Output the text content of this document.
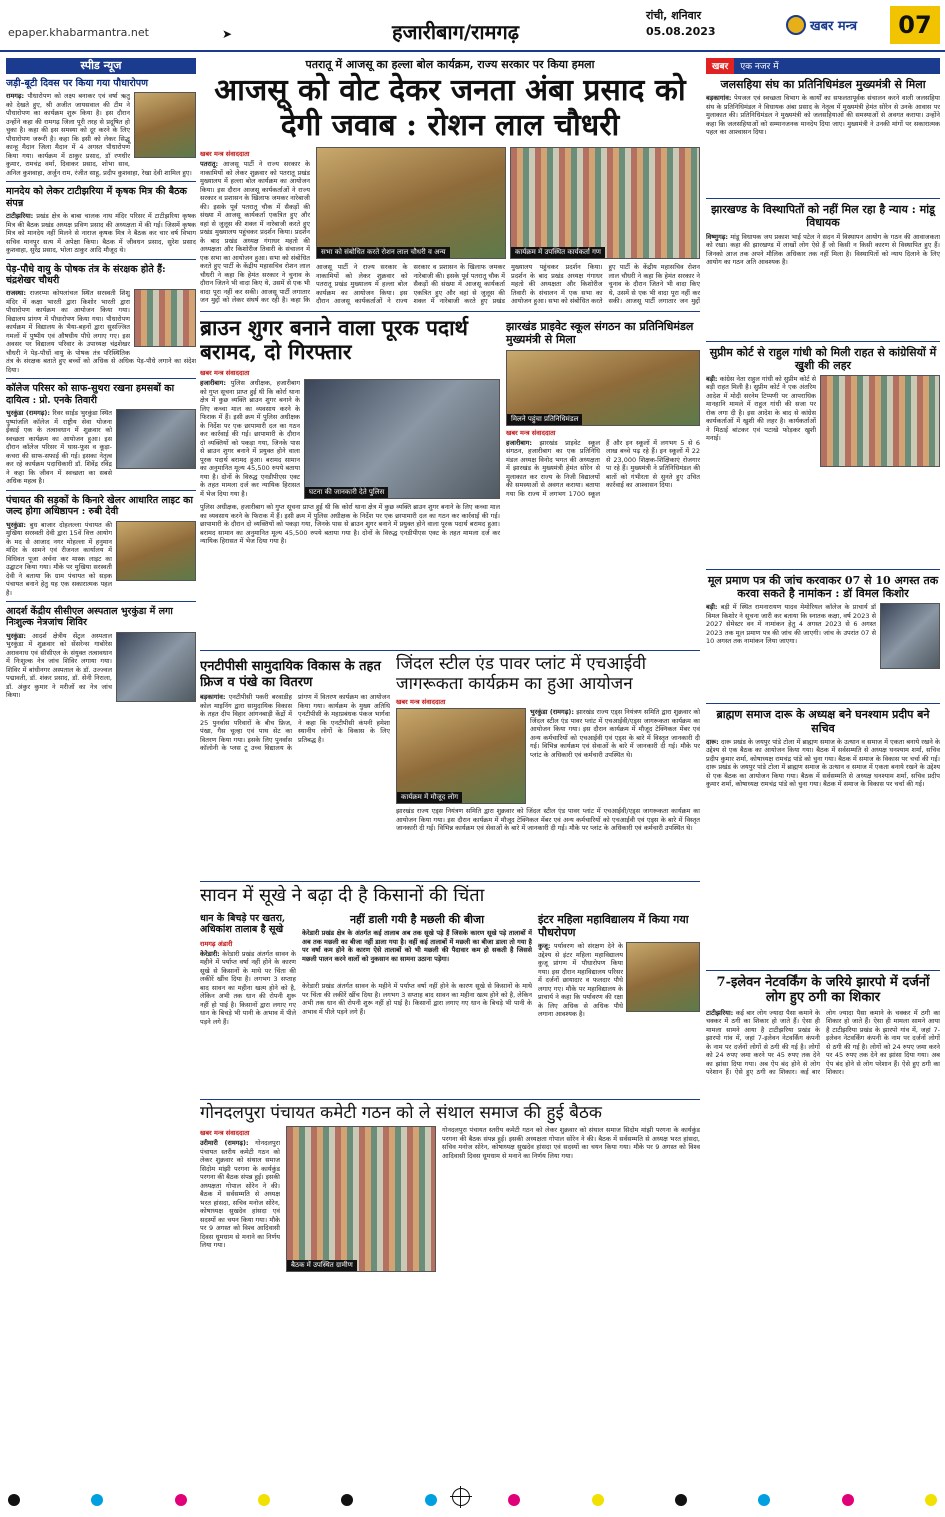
epaper.khabarmantra.net	➤	हजारीबाग/रामगढ़
रांची, शनिवार
05.08.2023	खबर मन्त्र	07
स्पीड न्यूज
जड़ी-बूटी दिवस पर किया गया पौधारोपण
रामगढ़: पौधारोपण को लक्ष्य बनाकर एवं वर्षा ऋतु को देखते हुए, श्री अजीत जायसवाल की टीम ने पौधारोपण का कार्यक्रम शुरू किया है। इस दौरान उन्होंने कहा की रामगढ़ जिला पूरी तरह से प्रदूषित हो चुका है। कहा की इस समस्या को दूर करने के लिए पौधारोपण जरूरी है। कहा कि इसी को लेकर सिद्धू कान्हू मैदान जिला मैदान में 4 अगस्त पौधारोपण किया गया। कार्यक्रम में ठाकुर प्रसाद, डॉ रणधीर कुमार, रामचंद्र वर्मा, दिवाकर प्रसाद, शोभा साव, अनिल कुशवाहा, अर्जुन राम, रंजीत साहू, प्रदीप कुशवाहा, रेखा देवी शामिल हुए।
मानदेय को लेकर टाटीझरिया में कृषक मित्र की बैठक संपन्न
टाटीझरिया: प्रखंड क्षेत्र के बाबा चालक नाथ मंदिर परिसर में टाटीझरिया कृषक मित्र की बैठक प्रखंड अध्यक्ष प्रविण प्रसाद की अध्यक्षता में की गई। जिसमें कृषक मित्र को मानदेय नहीं मिलने से नाराज कृषक मित्र ने बैठक कर चार वर्ष विभाग सचिव मानपुर सत्य में अपेक्षा किया। बैठक में जीवधन प्रसाद, सुरेश प्रसाद कुशवाहा, सुरेंद्र प्रसाद, भोला ठाकुर आदि मौजूद थे।
पेड़-पौधे वायु के पोषक तंत्र के संरक्षक होते हैं: चंद्रशेखर चौधरी
राजस्था: राजरप्पा कोयलांचल स्थित सरस्वती शिशु मंदिर में कक्षा भारती द्वारा किशोर भारती द्वारा पौधारोपण कार्यक्रम का आयोजन किया गया। विद्यालय प्रांगण में पौधारोपण किया गया। पौधारोपण कार्यक्रम में विद्यालय के भैया-बहनों द्वारा सुसज्जित गमलों में पुष्पीय एवं औषधीय पौधे लगाए गए। इस अवसर पर विद्यालय परिवार के उपाध्यक्ष चंद्रशेखर चौधरी ने पेड़-पौधों वायु के पोषक तंत्र परिस्थितिक तंत्र के संरक्षक बताते हुए बच्चों को अधिक से अधिक पेड़-पौधे लगाने का संदेश दिया।
कॉलेज परिसर को साफ-सुथरा रखना हमसबों का दायित्व : प्रो. एनके तिवारी
भुरकुंडा (रामगढ़): रिवर साईड भुरकुंडा स्थित पुष्पांजलि कॉलेज में राष्ट्रीय सेवा योजना ईकाई एक के तत्वावधान में शुक्रवार को स्वच्छता कार्यक्रम का आयोजन हुआ। इस दौरान कॉलेज परिसर में घास-फूस व कूड़ा-कचरा की साफ-सफाई की गई। इसका नेतृत्व कर रहे कार्यक्रम पदाधिकारी डॉ. शिवेंद्र रविंद्र ने कहा कि जीवन में स्वच्छता का सबसे अधिक महत्व है।
पंचायत की सड़कों के किनारे खेलर आधारित लाइट का जल्द होगा अधिष्ठापन : रुबी देवी
भुरकुंडा: बुध बाजार दोहलल्ला पंचायत की मुखिया सरस्वती देवी द्वारा 15वें वित्त आयोग के मद से आजाद नगर मोहल्ला में हनुमान मंदिर के सामने एवं रीजनल कार्यालय में विधिवत पूजा अर्चना कर मास्क लाइट का उद्घाटन किया गया। मौके पर मुखिया सरस्वती देवी ने बताया कि ग्राम पंचायत को सड़क पंचायत बनाने हेतु यह एक सकारात्मक पहल है।
आदर्श केंद्रीय सीसीएल अस्पताल भुरकुंडा में लगा निःशुल्क नेत्रजांच शिविर
भुरकुंडा: आदर्श क्षेत्रीय सेंट्रल अस्पताल भुरकुंडा में शुक्रवार को सेंसरेन्स गाबोरेस अरावनाध एवं सीसीएल के संयुक्त तत्वावधान में निःशुल्क नेत्र जांच शिविर लगाया गया। शिविर में बांधीनगर अस्पताल के डॉ. उज्ज्वल पद्मावती, डॉ. शंकर प्रसाद, डॉ. सेनी निराला, डॉ. अंकुर कुमार ने मरीजों का नेत्र जांच किया।
पतरातू में आजसू का हल्ला बोल कार्यक्रम, राज्य सरकार पर किया हमला
आजसू को वोट देकर जनता अंबा प्रसाद को देगी जवाब : रोशन लाल चौधरी
खबर मन्त्र संवाददाता
पतरातू: आजसू पार्टी ने राज्य सरकार के नाकामियों को लेकर शुक्रवार को पतरातू प्रखंड मुख्यालय में हल्ला बोल कार्यक्रम का आयोजन किया। इस दौरान आजसू कार्यकर्ताओं ने राज्य सरकार व प्रशासन के खिलाफ जमकर नारेबाजी की। इसके पूर्व पतरातू चौक में सैकड़ों की संख्या में आजसू कार्यकर्ता एकत्रित हुए और वहां से जुलूस की शक्ल में नारेबाजी करते हुए प्रखंड मुख्यालय पहुंचकर प्रदर्शन किया। प्रदर्शन के बाद प्रखंड अध्यक्ष गंगाधर महतो की अध्यक्षता और किशोरीज तिवारी के संचालन में एक सभा का आयोजन हुआ। सभा को संबोधित करते हुए पार्टी के केंद्रीय महासचिव रोशन लाल चौधरी ने कहा कि हेमंत सरकार ने चुनाव के दौरान जितने भी वादा किए थे, उसमें से एक भी वादा पूरा नहीं कर सकी। आजसू पार्टी लगातार जन मुद्दों को लेकर संघर्ष कर रही है। कहा कि
सभा को संबोधित करते रोशन लाल चौधरी व अन्य	कार्यक्रम में उपस्थित कार्यकर्ता गण
आजसू पार्टी ने राज्य सरकार के नाकामियों को लेकर शुक्रवार को पतरातू प्रखंड मुख्यालय में हल्ला बोल कार्यक्रम का आयोजन किया। इस दौरान आजसू कार्यकर्ताओं ने राज्य सरकार व प्रशासन के खिलाफ जमकर नारेबाजी की। इसके पूर्व पतरातू चौक में सैकड़ों की संख्या में आजसू कार्यकर्ता एकत्रित हुए और वहां से जुलूस की शक्ल में नारेबाजी करते हुए प्रखंड मुख्यालय पहुंचकर प्रदर्शन किया। प्रदर्शन के बाद प्रखंड अध्यक्ष गंगाधर महतो की अध्यक्षता और किशोरीज तिवारी के संचालन में एक सभा का आयोजन हुआ। सभा को संबोधित करते हुए पार्टी के केंद्रीय महासचिव रोशन लाल चौधरी ने कहा कि हेमंत सरकार ने चुनाव के दौरान जितने भी वादा किए थे, उसमें से एक भी वादा पूरा नहीं कर सकी। आजसू पार्टी लगातार जन मुद्दों
ब्राउन शुगर बनाने वाला पूरक पदार्थ बरामद, दो गिरफ्तार
खबर मन्त्र संवाददाता
हजारीबाग: पुलिस अधीक्षक, हजारीबाग को गुप्त सूचना प्राप्त हुई थी कि कोर्रा थाना क्षेत्र में कुछ व्यक्ति ब्राउन शुगर बनाने के लिए कच्चा माल का व्यवसाय करने के फिराक में हैं। इसी क्रम में पुलिस अधीक्षक के निर्देश पर एक छापामारी दल का गठन कर कार्रवाई की गई। छापामारी के दौरान दो व्यक्तियों को पकड़ा गया, जिनके पास से ब्राउन शुगर बनाने में प्रयुक्त होने वाला पूरक पदार्थ बरामद हुआ। बरामद सामान का अनुमानित मूल्य 45,500 रुपये बताया गया है। दोनों के विरुद्ध एनडीपीएस एक्ट के तहत मामला दर्ज कर न्यायिक हिरासत में भेज दिया गया है।	घटना की जानकारी देते पुलिस
पुलिस अधीक्षक, हजारीबाग को गुप्त सूचना प्राप्त हुई थी कि कोर्रा थाना क्षेत्र में कुछ व्यक्ति ब्राउन शुगर बनाने के लिए कच्चा माल का व्यवसाय करने के फिराक में हैं। इसी क्रम में पुलिस अधीक्षक के निर्देश पर एक छापामारी दल का गठन कर कार्रवाई की गई। छापामारी के दौरान दो व्यक्तियों को पकड़ा गया, जिनके पास से ब्राउन शुगर बनाने में प्रयुक्त होने वाला पूरक पदार्थ बरामद हुआ। बरामद सामान का अनुमानित मूल्य 45,500 रुपये बताया गया है। दोनों के विरुद्ध एनडीपीएस एक्ट के तहत मामला दर्ज कर न्यायिक हिरासत में भेज दिया गया है।
झारखंड प्राइवेट स्कूल संगठन का प्रतिनिधिमंडल मुख्यमंत्री से मिला
मिलने पहुंचा प्रतिनिधिमंडल
खबर मन्त्र संवाददाता
हजारीबाग: झारखंड प्राइवेट स्कूल संगठन, हजारीबाग का एक प्रतिनिधि मंडल अध्यक्ष विनोद भगत की अध्यक्षता में झारखंड के मुख्यमंत्री हेमंत सोरेन से मुलाकात कर राज्य के निजी विद्यालयों की समस्याओं से अवगत कराया। बताया गया कि राज्य में लगभग 1700 स्कूल हैं और इन स्कूलों में लगभग 5 से 6 लाख बच्चे पढ़ रहे हैं। इन स्कूलों में 22 से 23,000 शिक्षक-शिक्षिकाएं रोजगार पा रहे हैं। मुख्यमंत्री ने प्रतिनिधिमंडल की बातों को गंभीरता से सुनते हुए उचित कार्रवाई का आश्वासन दिया।
एनटीपीसी सामुदायिक विकास के तहत फ्रिज व पंखे का वितरण
बड़कागांव: एनटीपीसी पकरी बरवाडीह कोल माइनिंग द्वारा सामुदायिक विकास के तहत दीप विहार आंगनबाड़ी केंद्रों में 25 पुनर्वास परिवारों के बीच फ्रिज, पंखा, गैस चूल्हा एवं पाथ सेट का वितरण किया गया। इसके लिए पुनर्वास कॉलोनी के प्लस टू उच्च विद्यालय के प्रांगण में वितरण कार्यक्रम का आयोजन किया गया। कार्यक्रम के मुख्य अतिथि एनटीपीसी के महाप्रबंधक पंकज भार्गवा ने कहा कि एनटीपीसी कंपनी हमेशा स्थानीय लोगों के विकास के लिए प्रतिबद्ध है।
जिंदल स्टील एंड पावर प्लांट में एचआईवी जागरूकता कार्यक्रम का हुआ आयोजन
खबर मन्त्र संवाददाता
कार्यक्रम में मौजूद लोग
भुरकुंडा (रामगढ़): झारखंड राज्य एड्स नियंत्रण समिति द्वारा शुक्रवार को जिंदल स्टील एंड पावर प्लांट में एचआईवी/एड्स जागरूकता कार्यक्रम का आयोजन किया गया। इस दौरान कार्यक्रम में मौजूद टेक्निकल मेंबर एवं अन्य कर्मचारियों को एचआईवी एवं एड्स के बारे में विस्तृत जानकारी दी गई। विभिन्न कार्यक्रम एवं सेवाओं के बारे में जानकारी दी गई। मौके पर प्लांट के अधिकारी एवं कर्मचारी उपस्थित थे।
झारखंड राज्य एड्स नियंत्रण समिति द्वारा शुक्रवार को जिंदल स्टील एंड पावर प्लांट में एचआईवी/एड्स जागरूकता कार्यक्रम का आयोजन किया गया। इस दौरान कार्यक्रम में मौजूद टेक्निकल मेंबर एवं अन्य कर्मचारियों को एचआईवी एवं एड्स के बारे में विस्तृत जानकारी दी गई। विभिन्न कार्यक्रम एवं सेवाओं के बारे में जानकारी दी गई। मौके पर प्लांट के अधिकारी एवं कर्मचारी उपस्थित थे।
सावन में सूखे ने बढ़ा दी है किसानों की चिंता
धान के बिचड़े पर खतरा, अधिकांश तालाब है सूखे
रामगढ़ अंडारी
केरेडारी: केरेडारी प्रखंड अंतर्गत सावन के महीने में पर्याप्त वर्षा नहीं होने के कारण सूखे से किसानों के माथे पर चिंता की लकीरें खींच दिया है। लगभग 3 सप्ताह बाद सावन का महीना खत्म होने को है, लेकिन अभी तक धान की रोपनी शुरू नहीं हो पाई है। किसानों द्वारा लगाए गए धान के बिचड़े भी पानी के अभाव में पीले पड़ने लगे हैं।
नहीं डाली गयी है मछली की बीजा
केरेडारी प्रखंड क्षेत्र के अंतर्गत कई तालाब अब तक सूखे पड़े हैं जिसके कारण सूखे पड़े तालाबों में अब तक मछली का बीजा नहीं डाला गया है। वहीं कई तालाबों में मछली का बीजा डाला तो गया है पर वर्षा कम होने के कारण ऐसे तालाबों को भी मछली की पैदावार कम हो सकती है जिससे मछली पालन करने वालों को नुकसान का सामना उठाना पड़ेगा।
केरेडारी प्रखंड अंतर्गत सावन के महीने में पर्याप्त वर्षा नहीं होने के कारण सूखे से किसानों के माथे पर चिंता की लकीरें खींच दिया है। लगभग 3 सप्ताह बाद सावन का महीना खत्म होने को है, लेकिन अभी तक धान की रोपनी शुरू नहीं हो पाई है। किसानों द्वारा लगाए गए धान के बिचड़े भी पानी के अभाव में पीले पड़ने लगे हैं।
इंटर महिला महाविद्यालय में किया गया पौधरोपण
कुजू: पर्यावरण को संरक्षण देने के उद्देश्य से इंटर महिला महाविद्यालय कुजू प्रांगण में पौधारोपण किया गया। इस दौरान महाविद्यालय परिसर में दर्जनों छायादार व फलदार पौधे लगाए गए। मौके पर महाविद्यालय के प्राचार्य ने कहा कि पर्यावरण की रक्षा के लिए अधिक से अधिक पौधे लगाना आवश्यक है।
गोनदलपुरा पंचायत कमेटी गठन को ले संथाल समाज की हुई बैठक
खबर मन्त्र संवाददाता
उरीमारी (रामगढ़): गोनदलपुरा पंचायत स्तरीय कमेटी गठन को लेकर शुक्रवार को संथाल समाज सिदोम मांझी परगना के कार्यकुंड परगना की बैठक संपन्न हुई। इसकी अध्यक्षता गोपाल सोरेन ने की। बैठक में सर्वसम्मति से अध्यक्ष भरत हांसदा, सचिव मनोज सोरेन, कोषाध्यक्ष सुखदेव हांसदा एवं सदस्यों का चयन किया गया। मौके पर 9 अगस्त को विश्व आदिवासी दिवस धूमधाम से मनाने का निर्णय लिया गया।
बैठक में उपस्थित ग्रामीण
गोनदलपुरा पंचायत स्तरीय कमेटी गठन को लेकर शुक्रवार को संथाल समाज सिदोम मांझी परगना के कार्यकुंड परगना की बैठक संपन्न हुई। इसकी अध्यक्षता गोपाल सोरेन ने की। बैठक में सर्वसम्मति से अध्यक्ष भरत हांसदा, सचिव मनोज सोरेन, कोषाध्यक्ष सुखदेव हांसदा एवं सदस्यों का चयन किया गया। मौके पर 9 अगस्त को विश्व आदिवासी दिवस धूमधाम से मनाने का निर्णय लिया गया।
खबर	एक नजर में
जलसहिया संघ का प्रतिनिधिमंडल मुख्यमंत्री से मिला
बड़कागांव: पेयजल एवं स्वच्छता विभाग के कार्यों का सफलतापूर्वक संचालन करने वाली जलसहिया संघ के प्रतिनिधिमंडल ने विधायक अंबा प्रसाद के नेतृत्व में मुख्यमंत्री हेमंत सोरेन से उनके आवास पर मुलाकात की। प्रतिनिधिमंडल ने मुख्यमंत्री को जलसहियाओं की समस्याओं से अवगत कराया। उन्होंने कहा कि जलसहियाओं को सम्मानजनक मानदेय दिया जाए। मुख्यमंत्री ने उनकी मांगों पर सकारात्मक पहल का आश्वासन दिया।
झारखण्ड के विस्थापितों को नहीं मिल रहा है न्याय : मांडू विधायक
विष्णुगढ़: मांडू विधायक जय प्रकाश भाई पटेल ने सदन में विस्थापन आयोग के गठन की आवाजकता को रखा। कहा की झारखण्ड में लाखों लोग ऐसे हैं जो किसी न किसी कारण से विस्थापित हुए हैं। जिनको आज तक अपने मौलिक अधिकार तक नहीं मिला है। विस्थापितों को न्याय दिलाने के लिए आयोग का गठन अति आवश्यक है।
सुप्रीम कोर्ट से राहुल गांधी को मिली राहत से कांग्रेसियों में खुशी की लहर
बड़ी: कांग्रेस नेता राहुल गांधी को सुप्रीम कोर्ट से बड़ी राहत मिली है। सुप्रीम कोर्ट ने एक अंतरिम आदेश में मोदी सरनेम टिप्पणी पर आपराधिक मानहानि मामले में राहुल गांधी की सजा पर रोक लगा दी है। इस आदेश के बाद से कांग्रेस कार्यकर्ताओं में खुशी की लहर है। कार्यकर्ताओं ने मिठाई बांटकर एवं पटाखे फोड़कर खुशी मनाई।
मूल प्रमाण पत्र की जांच करवाकर 07 से 10 अगस्त तक करवा सकते है नामांकन : डॉ विमल किशोर
बड़ी: बड़ी में स्थित रामनारायण यादव मेमोरियल कॉलेज के प्राचार्य डॉ विमल किशोर ने सूचना जारी कर बताया कि स्नातक कक्षा, वर्ष 2023 से 2027 सेमेस्टर वन में नामांकन हेतु 4 अगस्त 2023 से 6 अगस्त 2023 तक मूल प्रमाण पत्र की जांच की जाएगी। जांच के उपरांत 07 से 10 अगस्त तक नामांकन लिया जाएगा।
ब्राह्मण समाज दारू के अध्यक्ष बने घनश्याम प्रदीप बने सचिव
दारू: दारू प्रखंड के जयपुर पांडे टोला में ब्राह्मण समाज के उत्थान व समाज में एकता बनाये रखने के उद्देश्य से एक बैठक का आयोजन किया गया। बैठक में सर्वसम्मति से अध्यक्ष घनश्याम शर्मा, सचिव प्रदीप कुमार शर्मा, कोषाध्यक्ष रामचंद्र पांडे को चुना गया। बैठक में समाज के विकास पर चर्चा की गई। दारू प्रखंड के जयपुर पांडे टोला में ब्राह्मण समाज के उत्थान व समाज में एकता बनाये रखने के उद्देश्य से एक बैठक का आयोजन किया गया। बैठक में सर्वसम्मति से अध्यक्ष घनश्याम शर्मा, सचिव प्रदीप कुमार शर्मा, कोषाध्यक्ष रामचंद्र पांडे को चुना गया। बैठक में समाज के विकास पर चर्चा की गई।
7-इलेवन नेटवर्किंग के जरिये झारपो में दर्जनों लोग हुए ठगी का शिकार
टाटीझरिया: कई बार लोग ज्यादा पैसा कमाने के चक्कर में ठगी का शिकार हो जाते हैं। ऐसा ही मामला सामने आया है टाटीझरिया प्रखंड के झारपो गांव में, जहां 7-इलेवन नेटवर्किंग कंपनी के नाम पर दर्जनों लोगों से ठगी की गई है। लोगों को 24 रुपए जमा करने पर 45 रुपए तक देने का झांसा दिया गया। अब ऐप बंद होने से लोग परेशान हैं। ऐसे हुए ठगी का शिकार। कई बार लोग ज्यादा पैसा कमाने के चक्कर में ठगी का शिकार हो जाते हैं। ऐसा ही मामला सामने आया है टाटीझरिया प्रखंड के झारपो गांव में, जहां 7-इलेवन नेटवर्किंग कंपनी के नाम पर दर्जनों लोगों से ठगी की गई है। लोगों को 24 रुपए जमा करने पर 45 रुपए तक देने का झांसा दिया गया। अब ऐप बंद होने से लोग परेशान हैं। ऐसे हुए ठगी का शिकार।
